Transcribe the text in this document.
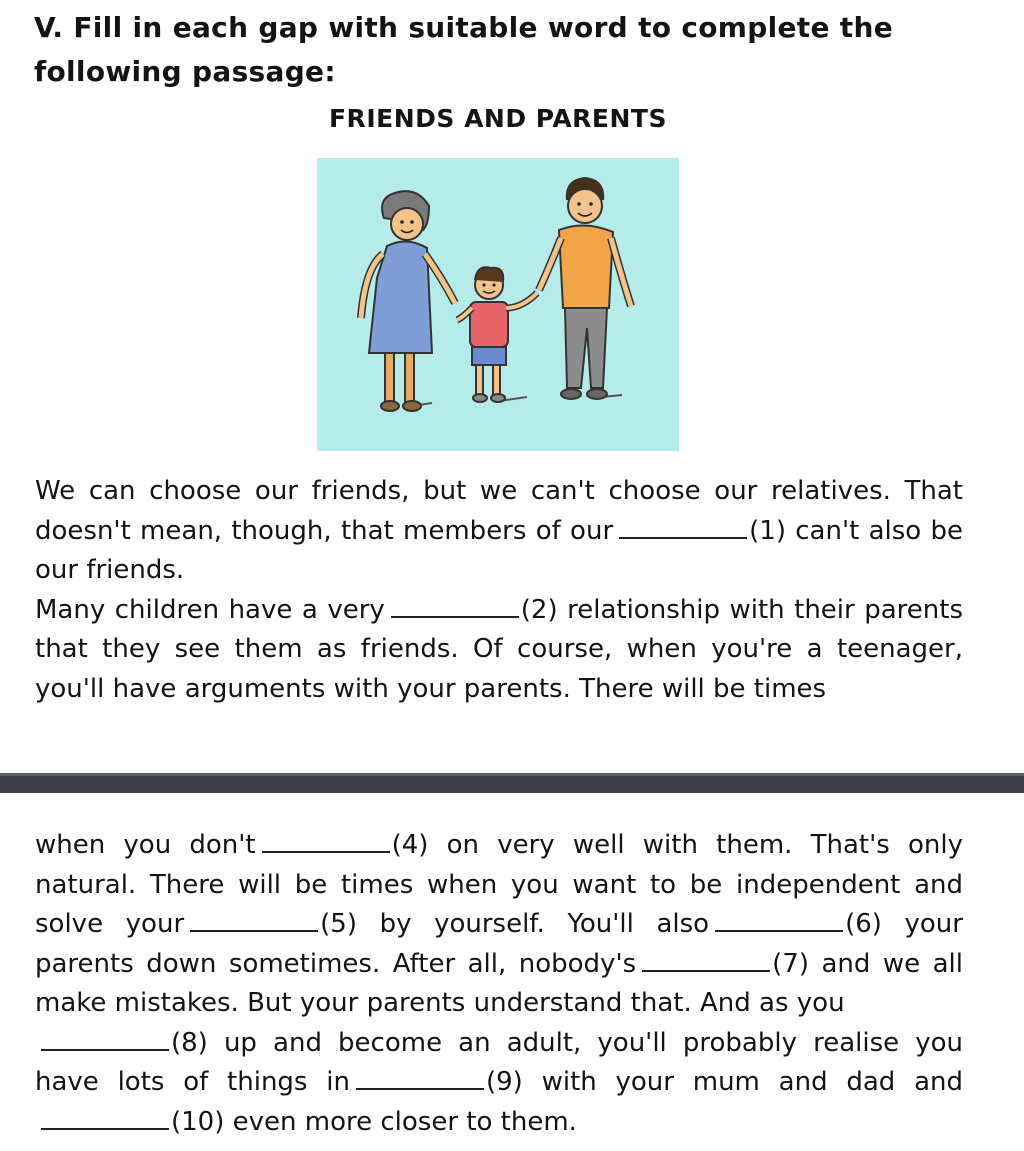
V. Fill in each gap with suitable word to complete the following passage:
FRIENDS AND PARENTS

We can choose our friends, but we can't choose our relatives. That doesn't mean, though, that members of our	(1) can't also be our friends.

Many children have a very	(2) relationship with their parents that they see them as friends. Of course, when you're a teenager, you'll have arguments with your parents. There will be times

when you don't	(4) on very well with them. That's only natural. There will be times when you want to be independent and solve your	(5) by yourself. You'll also	(6) your parents down sometimes. After all, nobody's	(7) and we all make mistakes. But your parents understand that. And as you
(8) up and become an adult, you'll probably realise you have lots of things in	(9) with your mum and dad and(10) even more closer to them.
